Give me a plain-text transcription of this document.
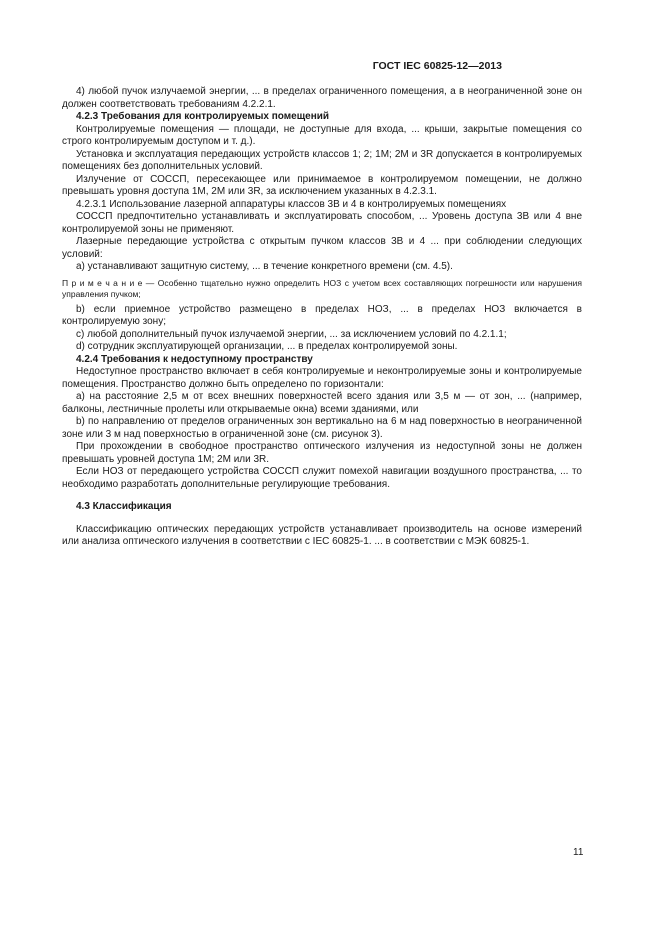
ГОСТ IEC 60825-12—2013

4) любой пучок излучаемой энергии, ... в пределах ограниченного помещения, а в неограниченной зоне он должен соответствовать требованиям 4.2.2.1.

4.2.3 Требования для контролируемых помещений

Контролируемые помещения — площади, не доступные для входа, ... крыши, закрытые помещения со строго контролируемым доступом и т. д.).

Установка и эксплуатация передающих устройств классов 1; 2; 1М; 2М и 3R допускается в контролируемых помещениях без дополнительных условий.

Излучение от СОССП, пересекающее или принимаемое в контролируемом помещении, не должно превышать уровня доступа 1М, 2М или 3R, за исключением указанных в 4.2.3.1.

4.2.3.1 Использование лазерной аппаратуры классов 3В и 4 в контролируемых помещениях

СОССП предпочтительно устанавливать и эксплуатировать способом, ... Уровень доступа 3В или 4 вне контролируемой зоны не применяют.

Лазерные передающие устройства с открытым пучком классов 3В и 4 ... при соблюдении следующих условий:

а) устанавливают защитную систему, ... в течение конкретного времени (см. 4.5).

П р и м е ч а н и е — Особенно тщательно нужно определить НОЗ с учетом всех составляющих погрешности или нарушения управления пучком;

b) если приемное устройство размещено в пределах НОЗ, ... в пределах НОЗ включается в контролируемую зону;

с) любой дополнительный пучок излучаемой энергии, ... за исключением условий по 4.2.1.1;

d) сотрудник эксплуатирующей организации, ... в пределах контролируемой зоны.

4.2.4 Требования к недоступному пространству

Недоступное пространство включает в себя контролируемые и неконтролируемые зоны и контролируемые помещения. Пространство должно быть определено по горизонтали:

а) на расстояние 2,5 м от всех внешних поверхностей всего здания или 3,5 м — от зон, ... (например, балконы, лестничные пролеты или открываемые окна) всеми зданиями, или

b) по направлению от пределов ограниченных зон вертикально на 6 м над поверхностью в неограниченной зоне или 3 м над поверхностью в ограниченной зоне (см. рисунок 3).

При прохождении в свободное пространство оптического излучения из недоступной зоны не должен превышать уровней доступа 1М; 2М или 3R.

Если НОЗ от передающего устройства СОССП служит помехой навигации воздушного пространства, ... то необходимо разработать дополнительные регулирующие требования.

4.3 Классификация

Классификацию оптических передающих устройств устанавливает производитель на основе измерений или анализа оптического излучения в соответствии с IEC 60825-1. ... в соответствии с МЭК 60825-1.

11
